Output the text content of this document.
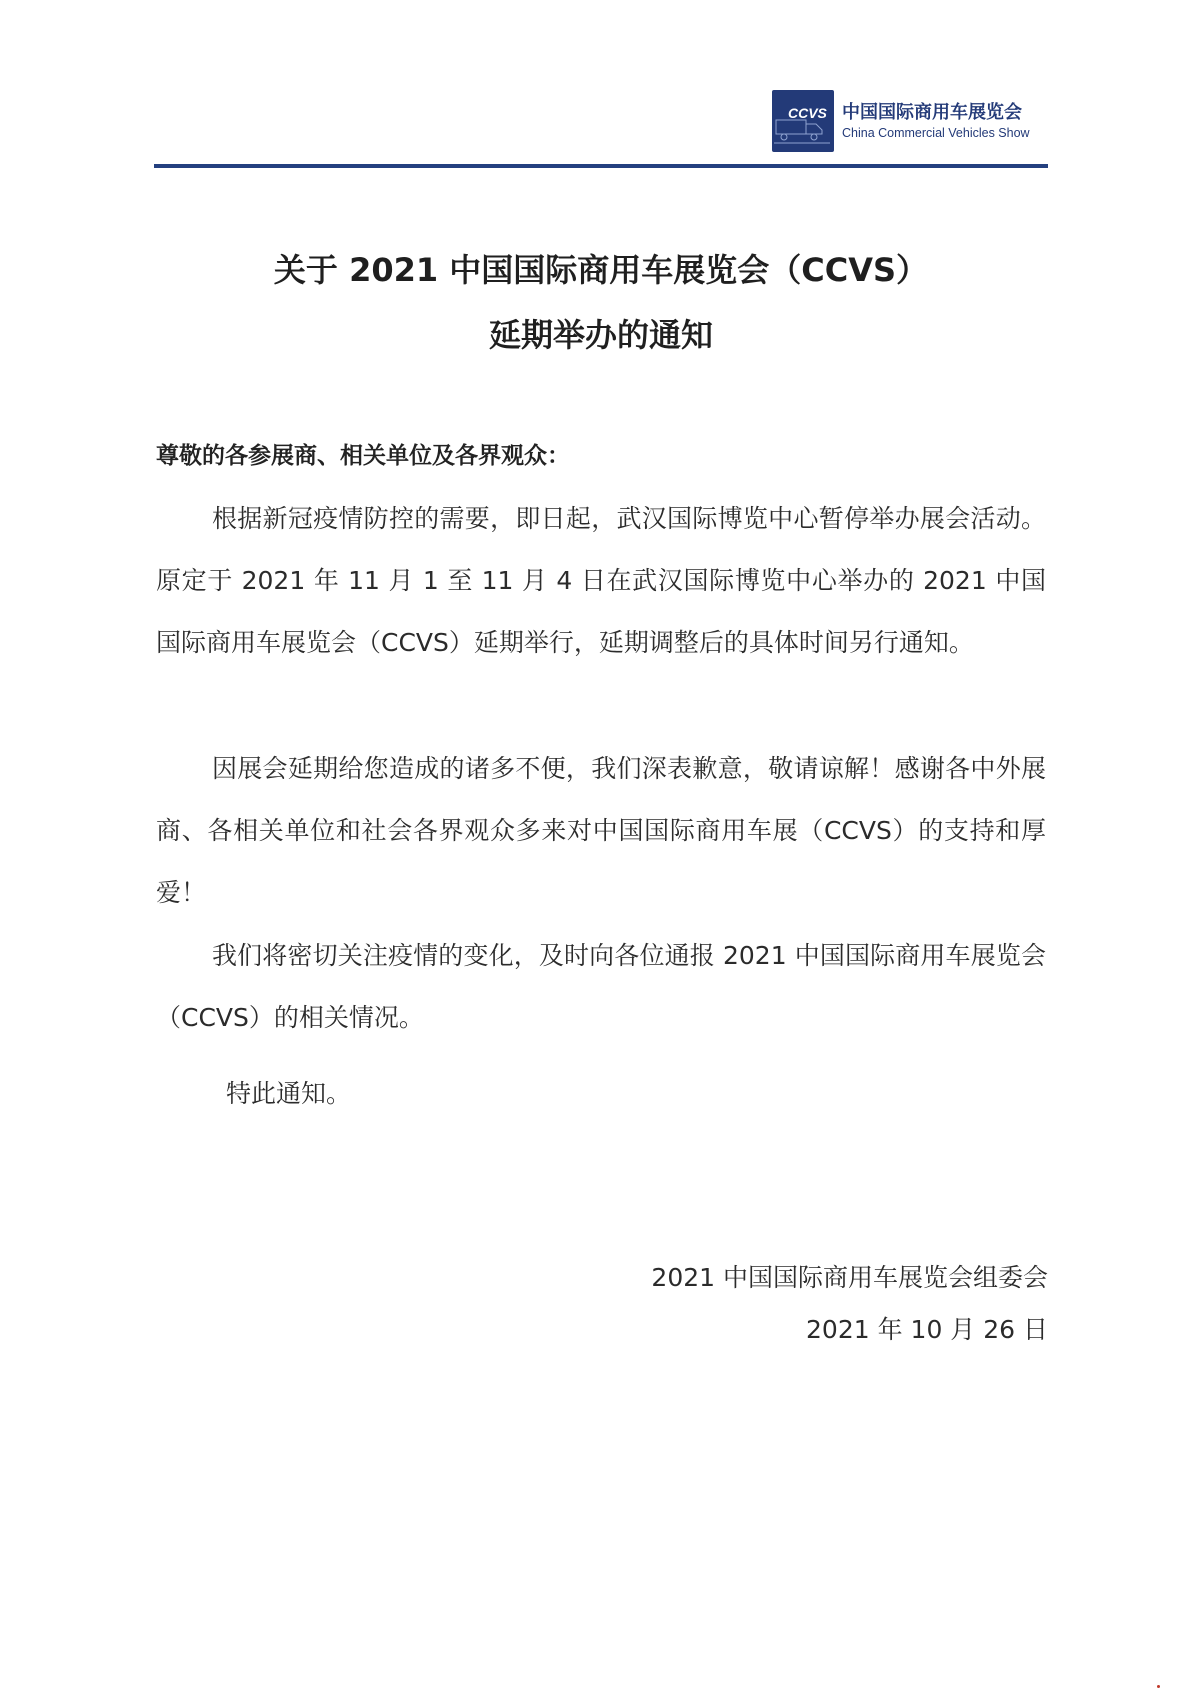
CCVS 中国国际商用车展览会
China Commercial Vehicles Show
关于 2021 中国国际商用车展览会（CCVS）
延期举办的通知
尊敬的各参展商、相关单位及各界观众：
根据新冠疫情防控的需要，即日起，武汉国际博览中心暂停举办展会活动。原定于 2021 年 11 月 1 至 11 月 4 日在武汉国际博览中心举办的 2021 中国国际商用车展览会（CCVS）延期举行，延期调整后的具体时间另行通知。
因展会延期给您造成的诸多不便，我们深表歉意，敬请谅解！感谢各中外展商、各相关单位和社会各界观众多来对中国国际商用车展（CCVS）的支持和厚爱！
我们将密切关注疫情的变化，及时向各位通报 2021 中国国际商用车展览会（CCVS）的相关情况。
特此通知。
2021 中国国际商用车展览会组委会
2021 年 10 月 26 日
